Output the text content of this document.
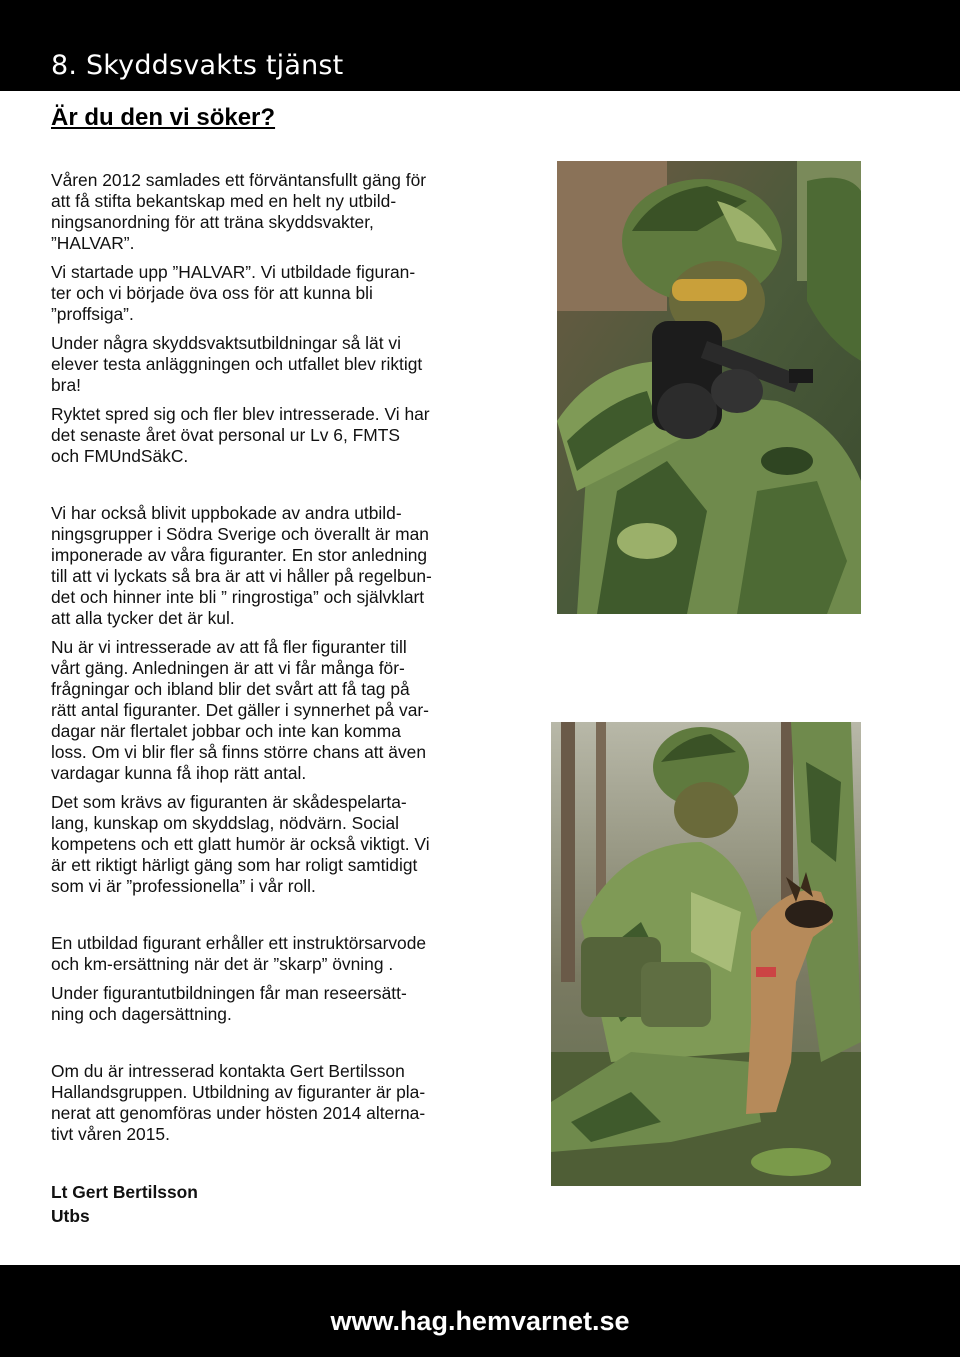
8. Skyddsvakts tjänst
Är du den vi söker?

Våren 2012 samlades ett förväntansfullt gäng för
att få stifta bekantskap med en helt ny utbild-
ningsanordning för att träna skyddsvakter,
”HALVAR”.

Vi startade upp ”HALVAR”. Vi utbildade figuran-
ter och vi började öva oss för att kunna bli
”proffsiga”.

Under några skyddsvaktsutbildningar så lät vi
elever testa anläggningen och utfallet blev riktigt
bra!

Ryktet spred sig och fler blev intresserade. Vi har
det senaste året övat personal ur Lv 6, FMTS
och FMUndSäkC.

Vi har också blivit uppbokade av andra utbild-
ningsgrupper i Södra Sverige och överallt är man
imponerade av våra figuranter. En stor anledning
till att vi lyckats så bra är att vi håller på regelbun-
det och hinner inte bli ” ringrostiga” och självklart
att alla tycker det är kul.

Nu är vi intresserade av att få fler figuranter till
vårt gäng. Anledningen är att vi får många för-
frågningar och ibland blir det svårt att få tag på
rätt antal figuranter. Det gäller i synnerhet på var-
dagar när flertalet jobbar och inte kan komma
loss. Om vi blir fler så finns större chans att även
vardagar kunna få ihop rätt antal.

Det som krävs av figuranten är skådespelarta-
lang, kunskap om skyddslag, nödvärn. Social
kompetens och ett glatt humör är också viktigt. Vi
är ett riktigt härligt gäng som har roligt samtidigt
som vi är ”professionella” i vår roll.

En utbildad figurant erhåller ett instruktörsarvode
och km-ersättning när det är ”skarp” övning .

Under figurantutbildningen får man reseersätt-
ning och dagersättning.

Om du är intresserad kontakta Gert Bertilsson
Hallandsgruppen. Utbildning av figuranter är pla-
nerat att genomföras under hösten 2014 alterna-
tivt våren 2015.

Lt Gert Bertilsson
Utbs
www.hag.hemvarnet.se
